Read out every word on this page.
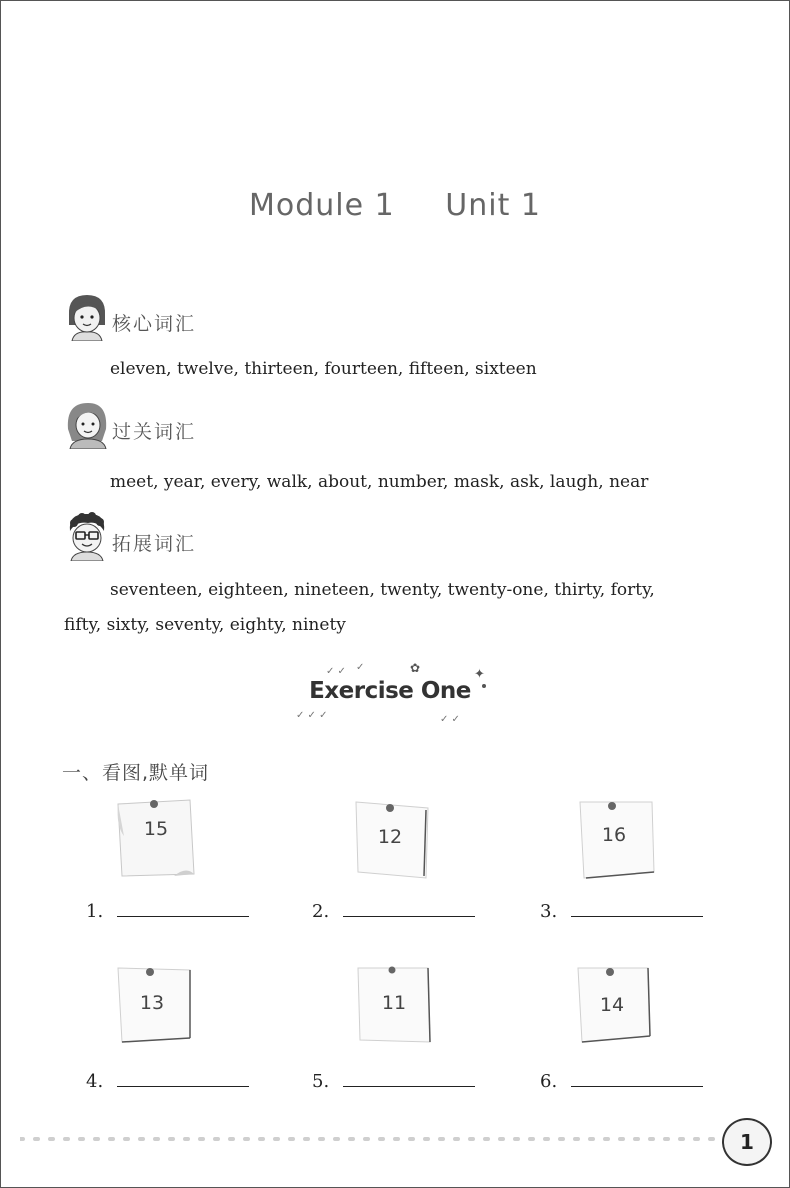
Module 1 Unit 1
核心词汇
eleven, twelve, thirteen, fourteen, fifteen, sixteen
过关词汇
meet, year, every, walk, about, number, mask, ask, laugh, near
拓展词汇
seventeen, eighteen, nineteen, twenty, twenty-one, thirty, forty,
fifty, sixty, seventy, eighty, ninety
✓ ✓ ✓	✿	✦
✓ ✓ ✓	✓ ✓
Exercise One
一、看图,默单词
15	12	16
1.	2.	3.
13	11	14
4.	5.	6.
1
